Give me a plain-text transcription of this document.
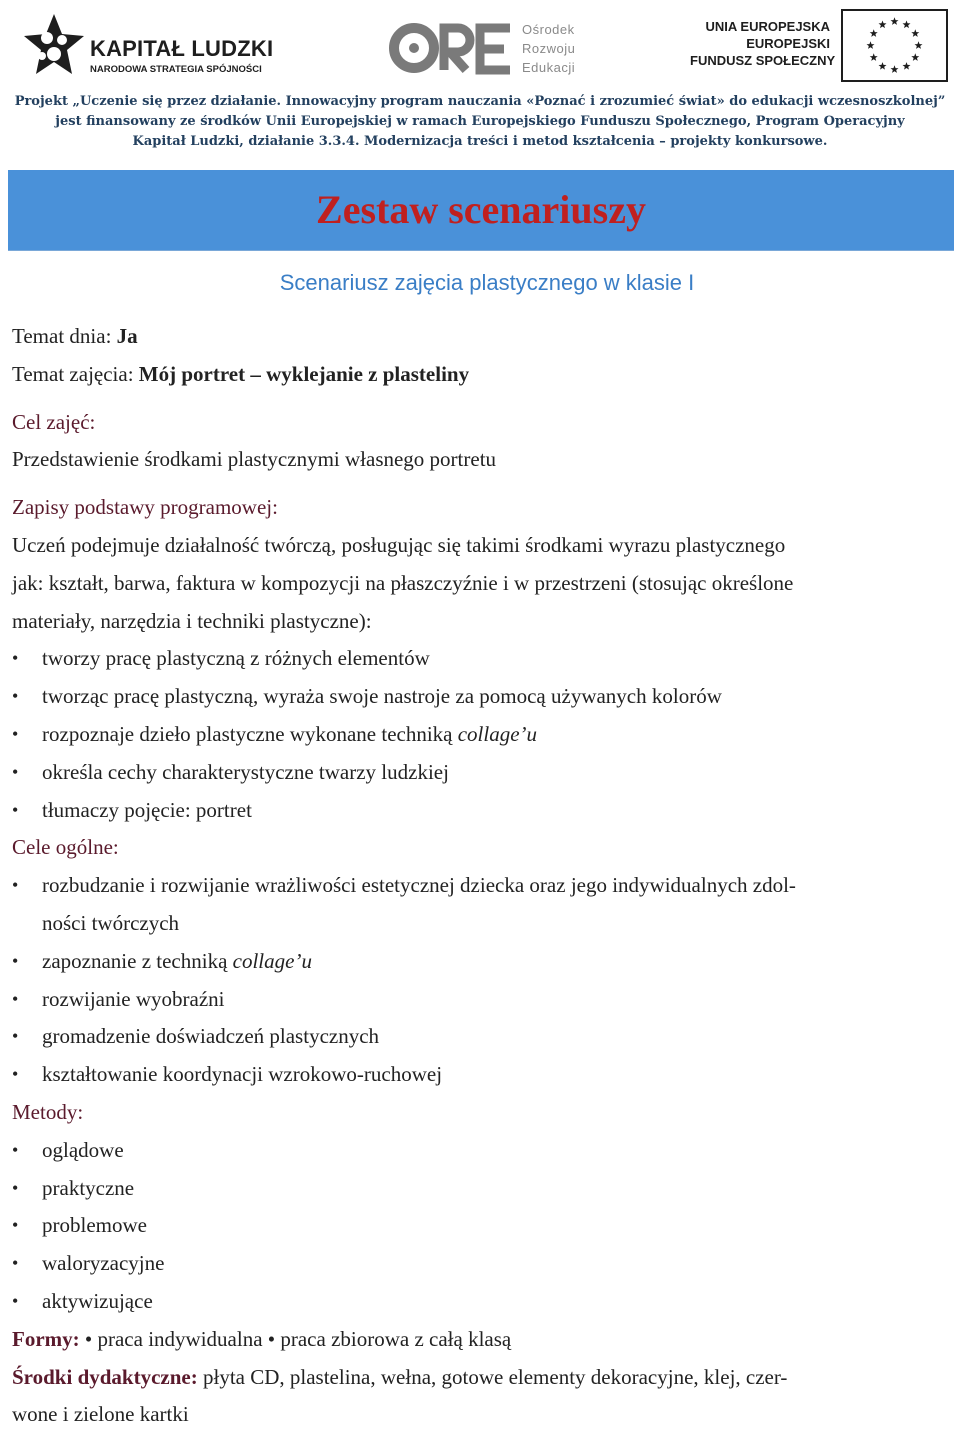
KAPITAŁ LUDZKI
NARODOWA STRATEGIA SPÓJNOŚCI
Ośrodek
Rozwoju
Edukacji
UNIA EUROPEJSKA
EUROPEJSKI
FUNDUSZ SPOŁECZNY
Projekt „Uczenie się przez działanie. Innowacyjny program nauczania «Poznać i zrozumieć świat» do edukacji wczesnoszkolnej”
jest finansowany ze środków Unii Europejskiej w ramach Europejskiego Funduszu Społecznego, Program Operacyjny
Kapitał Ludzki, działanie 3.3.4. Modernizacja treści i metod kształcenia – projekty konkursowe.
Zestaw scenariuszy
Scenariusz zajęcia plastycznego w klasie I

Temat dnia: Ja

Temat zajęcia: Mój portret – wyklejanie z plasteliny

Cel zajęć:

Przedstawienie środkami plastycznymi własnego portretu

Zapisy podstawy programowej:

Uczeń podejmuje działalność twórczą, posługując się takimi środkami wyrazu plastycznego

jak: kształt, barwa, faktura w kompozycji na płaszczyźnie i w przestrzeni (stosując określone

materiały, narzędzia i techniki plastyczne):

• tworzy pracę plastyczną z różnych elementów
• tworząc pracę plastyczną, wyraża swoje nastroje za pomocą używanych kolorów
• rozpoznaje dzieło plastyczne wykonane techniką collage’u
• określa cechy charakterystyczne twarzy ludzkiej
• tłumaczy pojęcie: portret

Cele ogólne:

• rozbudzanie i rozwijanie wrażliwości estetycznej dziecka oraz jego indywidualnych zdol-
ności twórczych
• zapoznanie z techniką collage’u
• rozwijanie wyobraźni
• gromadzenie doświadczeń plastycznych
• kształtowanie koordynacji wzrokowo-ruchowej

Metody:

• oglądowe
• praktyczne
• problemowe
• waloryzacyjne
• aktywizujące

Formy: • praca indywidualna • praca zbiorowa z całą klasą

Środki dydaktyczne: płyta CD, plastelina, wełna, gotowe elementy dekoracyjne, klej, czer-

wone i zielone kartki
